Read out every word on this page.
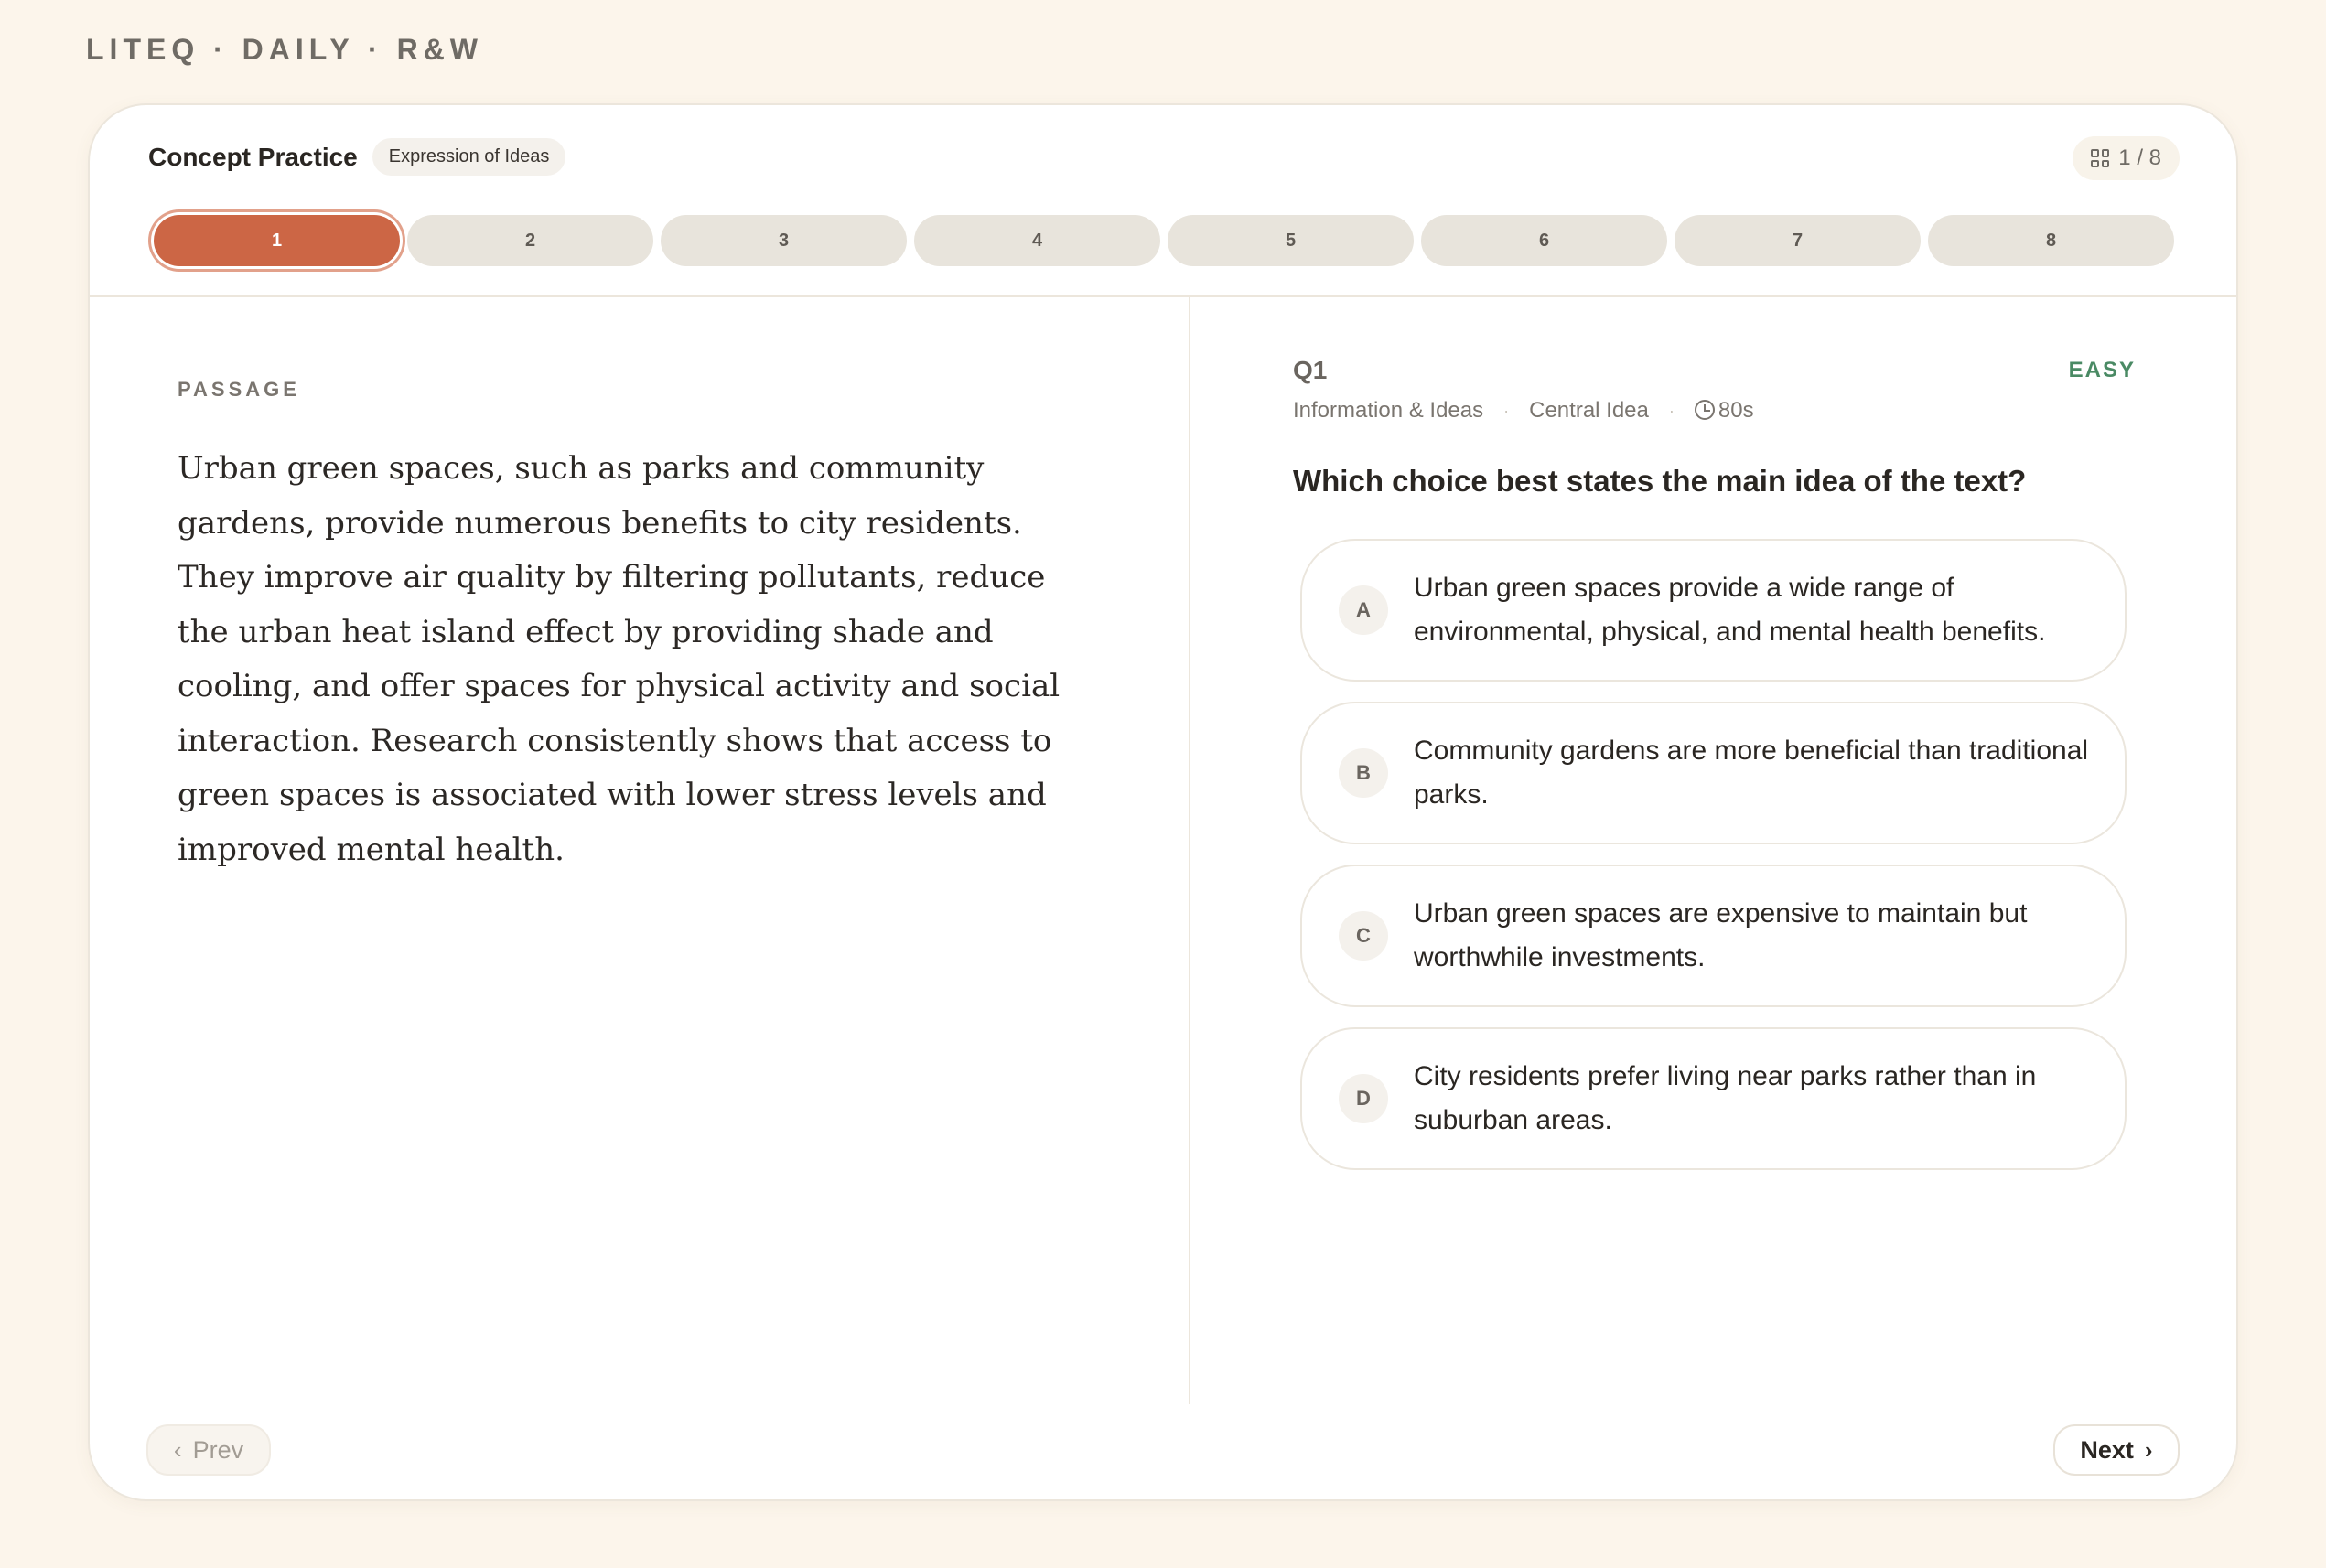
LITEQ · DAILY · R&W
Concept Practice	Expression of Ideas	1 / 8
1	2	3	4	5	6	7	8
PASSAGE
Urban green spaces, such as parks and community gardens, provide numerous benefits to city residents. They improve air quality by filtering pollutants, reduce the urban heat island effect by providing shade and cooling, and offer spaces for physical activity and social interaction. Research consistently shows that access to green spaces is associated with lower stress levels and improved mental health.
Q1	EASY
Information & Ideas · Central Idea ·	80s
Which choice best states the main idea of the text?
A
Urban green spaces provide a wide range of environmental, physical, and mental health benefits.
B
Community gardens are more beneficial than traditional parks.
C
Urban green spaces are expensive to maintain but worthwhile investments.
D
City residents prefer living near parks rather than in suburban areas.
‹ Prev	Next ›
